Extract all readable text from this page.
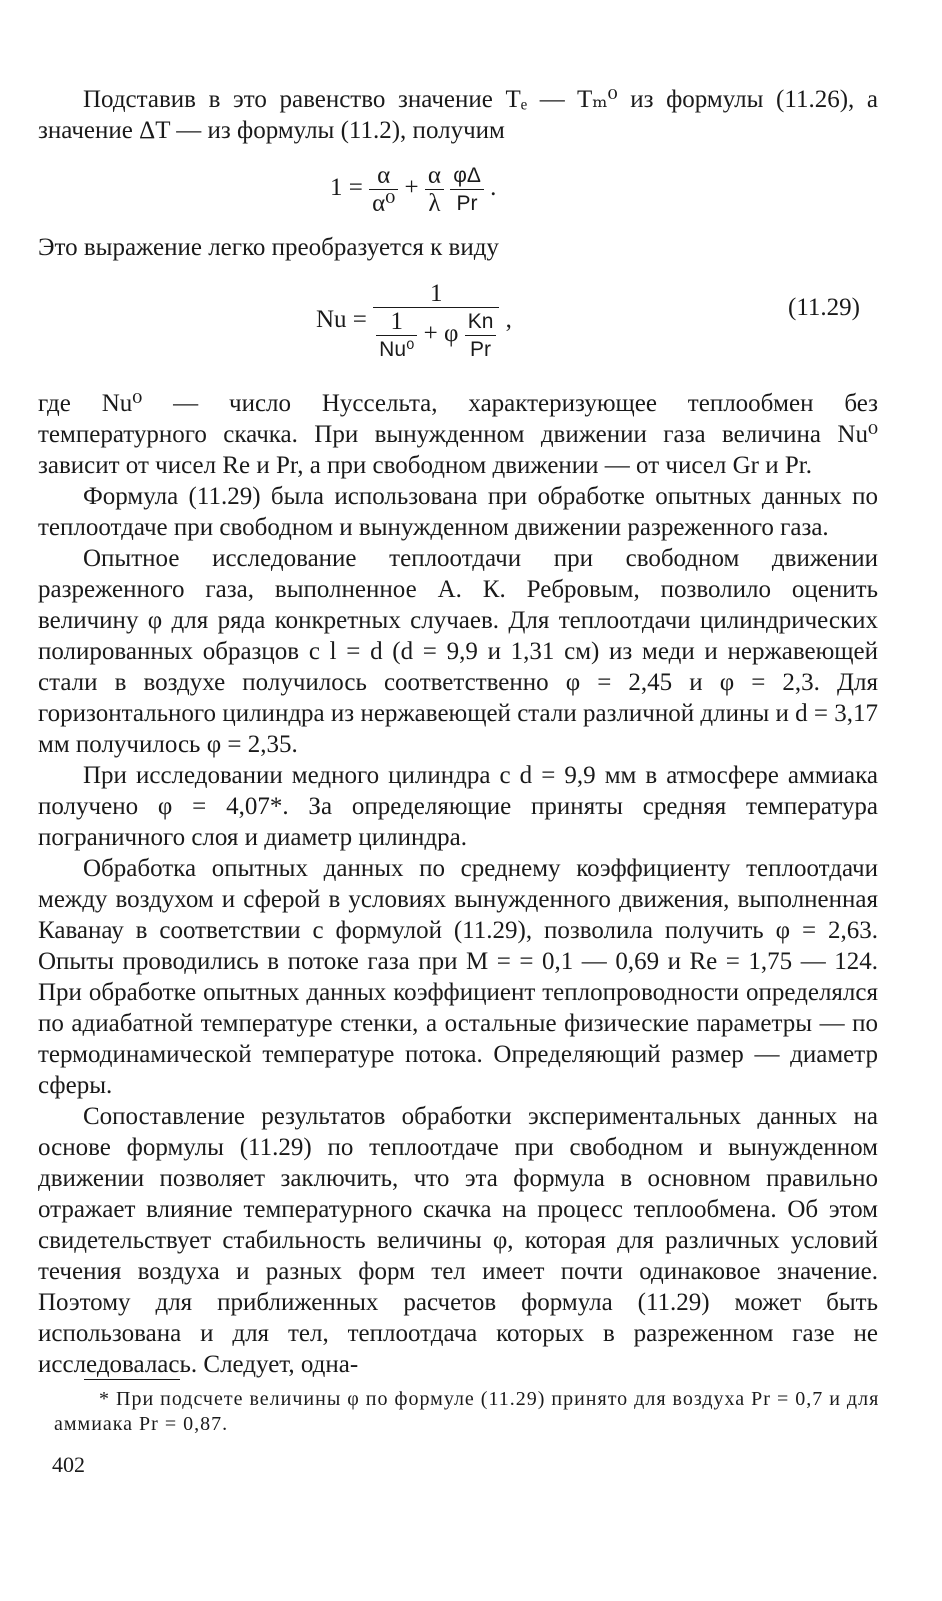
Подставив в это равенство значение Tₑ — Tₘ⁰ из формулы (11.26), а значение ΔT — из формулы (11.2), получим

$1 = \frac{\alpha}{\text{α⁰}} + \frac{\alpha}{\lambda}$
$\frac{\varphi\Delta}{Pr}$ .

Это выражение легко преобразуется к виду

Nu =
1
$\frac{1}{\text{Nu⁰}} + \varphi \frac{Kn}{Pr}$ ,	(11.29)

где Nu⁰ — число Нуссельта, характеризующее теплообмен без температурного скачка. При вынужденном движении газа величина Nu⁰ зависит от чисел Re и Pr, а при свободном движении — от чисел Gr и Pr.

Формула (11.29) была использована при обработке опытных данных по теплоотдаче при свободном и вынужденном движении разреженного газа.

Опытное исследование теплоотдачи при свободном движении разреженного газа, выполненное А. К. Ребровым, позволило оценить величину φ для ряда конкретных случаев. Для теплоотдачи цилиндрических полированных образцов с l = d (d = 9,9 и 1,31 см) из меди и нержавеющей стали в воздухе получилось соответственно φ = 2,45 и φ = 2,3. Для горизонтального цилиндра из нержавеющей стали различной длины и d = 3,17 мм получилось φ = 2,35.

При исследовании медного цилиндра с d = 9,9 мм в атмосфере аммиака получено φ = 4,07*. За определяющие приняты средняя температура пограничного слоя и диаметр цилиндра.

Обработка опытных данных по среднему коэффициенту теплоотдачи между воздухом и сферой в условиях вынужденного движения, выполненная Каванау в соответствии с формулой (11.29), позволила получить φ = 2,63. Опыты проводились в потоке газа при M = = 0,1 — 0,69 и Re = 1,75 — 124. При обработке опытных данных коэффициент теплопроводности определялся по адиабатной температуре стенки, а остальные физические параметры — по термодинамической температуре потока. Определяющий размер — диаметр сферы.

Сопоставление результатов обработки экспериментальных данных на основе формулы (11.29) по теплоотдаче при свободном и вынужденном движении позволяет заключить, что эта формула в основном правильно отражает влияние температурного скачка на процесс теплообмена. Об этом свидетельствует стабильность величины φ, которая для различных условий течения воздуха и разных форм тел имеет почти одинаковое значение. Поэтому для приближенных расчетов формула (11.29) может быть использована и для тел, теплоотдача которых в разреженном газе не исследовалась. Следует, одна-

* При подсчете величины φ по формуле (11.29) принято для воздуха Pr = 0,7 и для аммиака Pr = 0,87.

402
